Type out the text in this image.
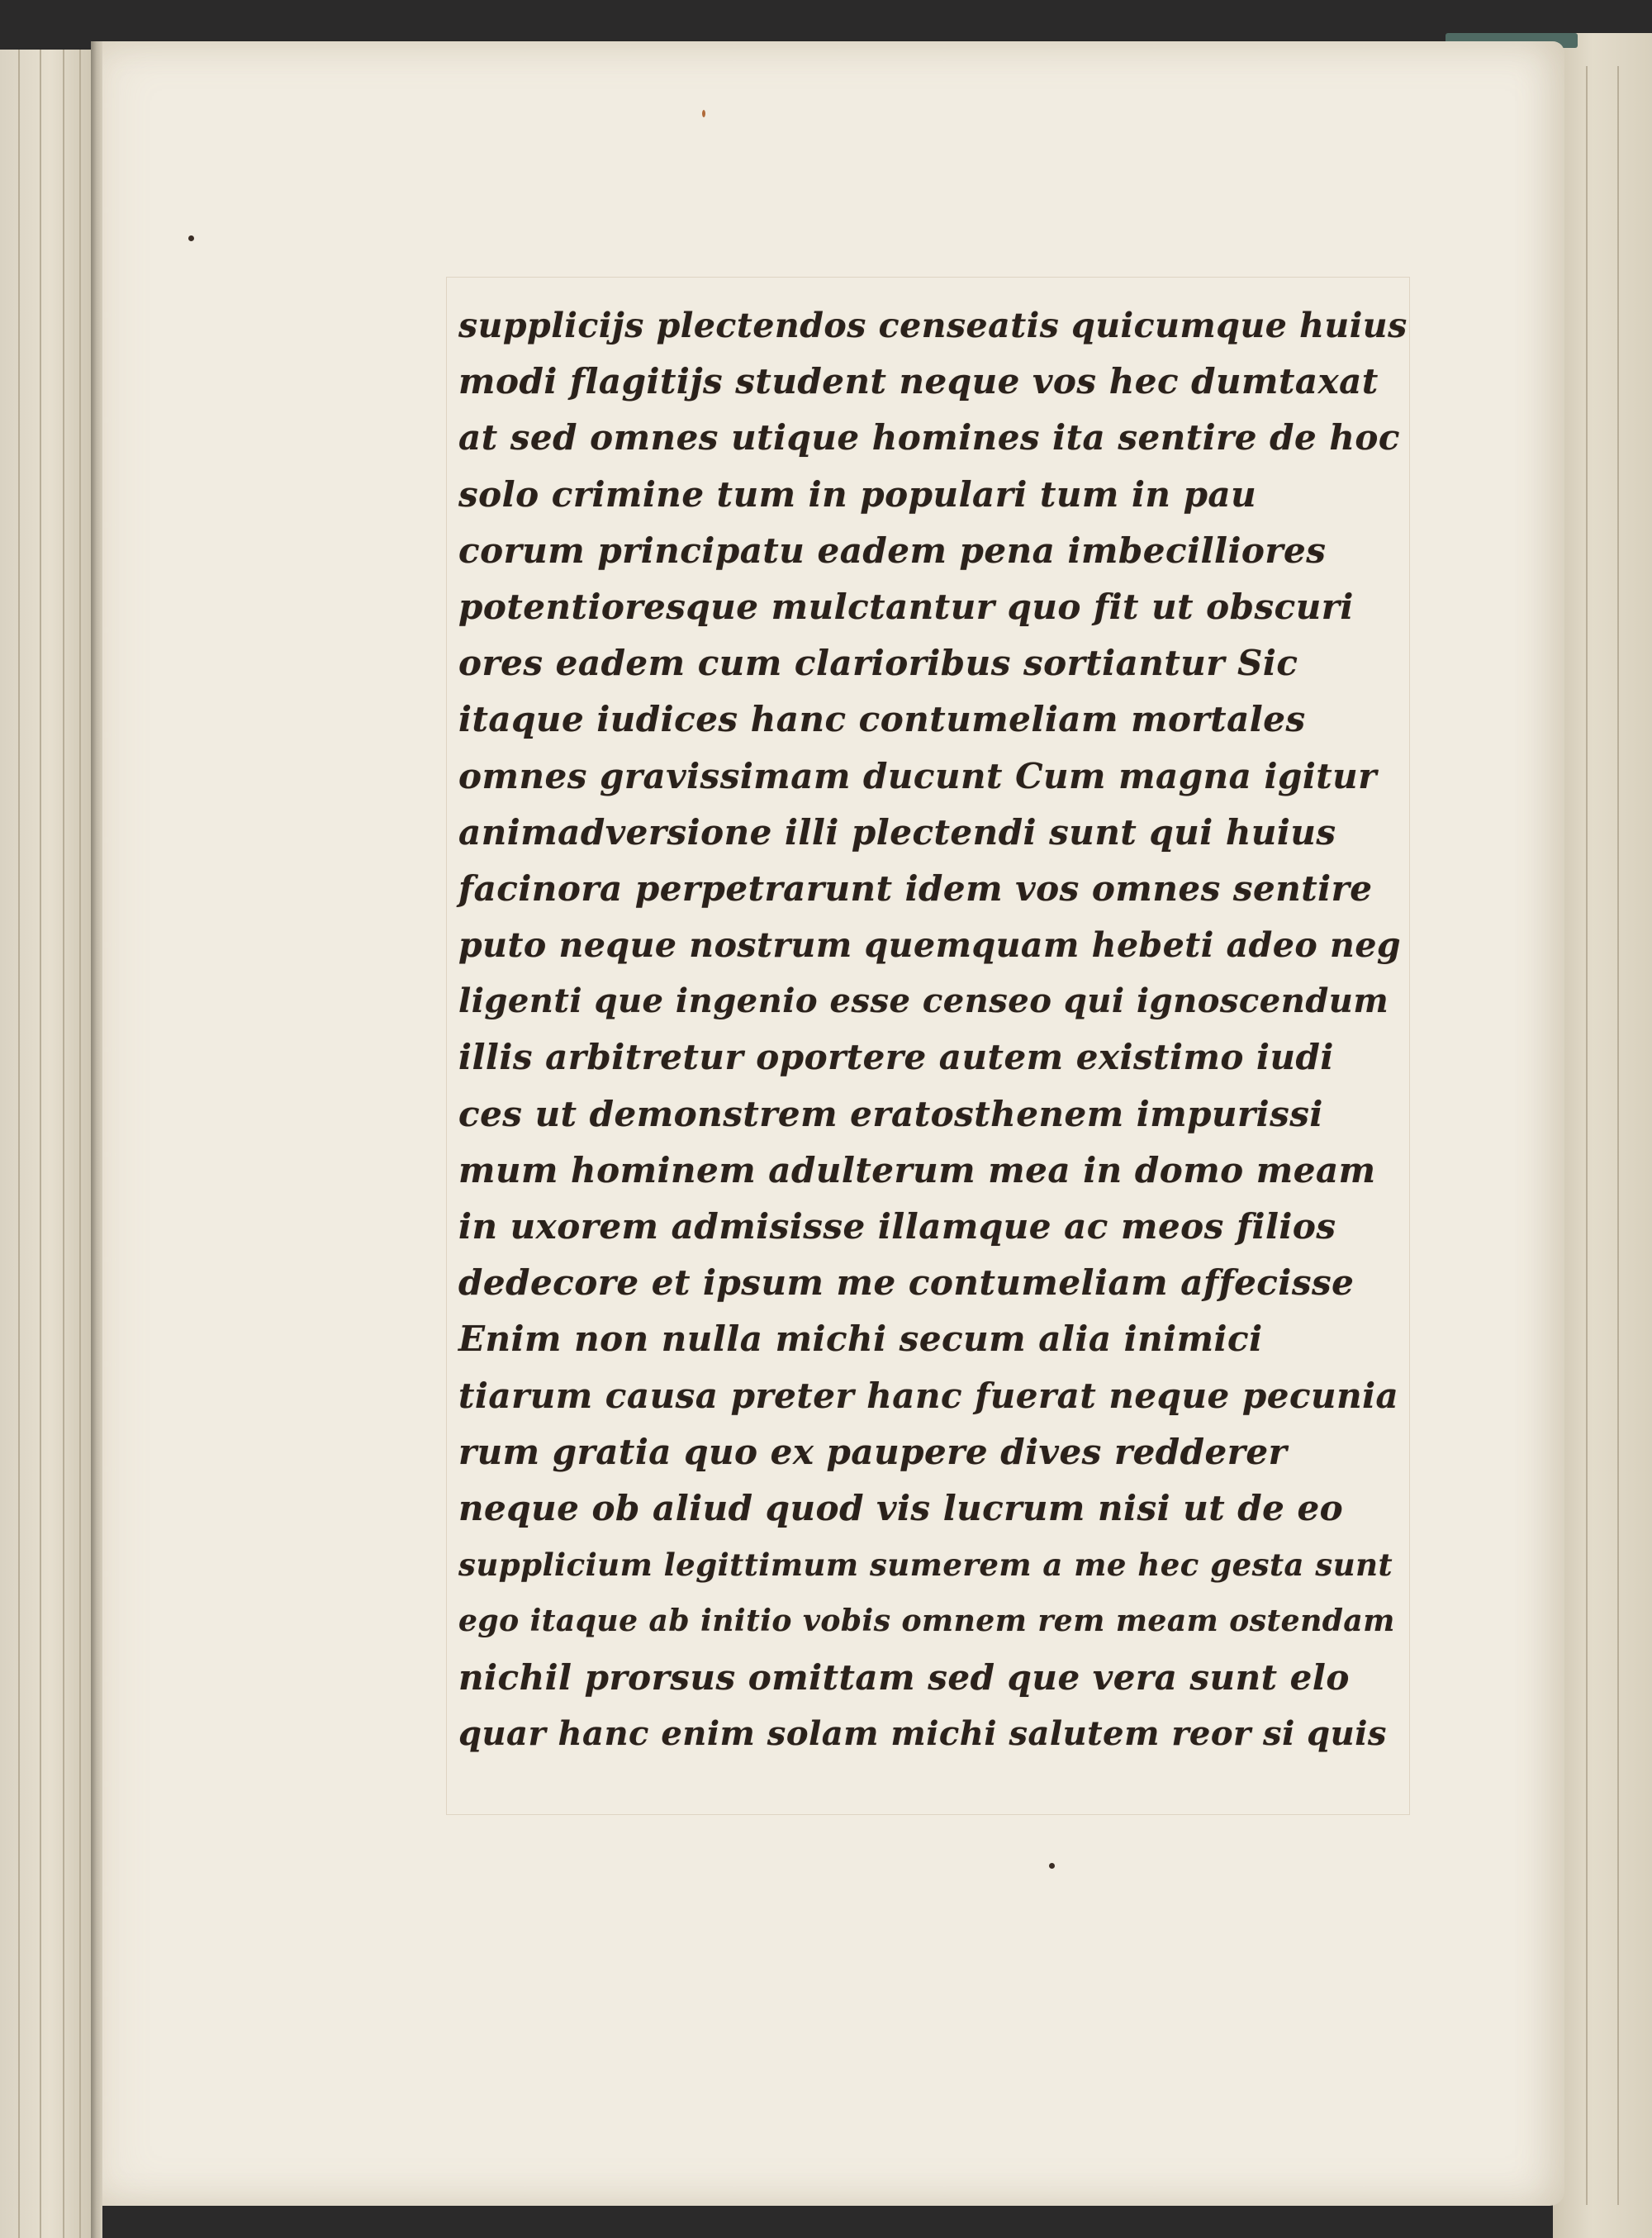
supplicijs plectendos censeatis quicumque huius
modi flagitijs student neque vos hec dumtaxat
at sed omnes utique homines ita sentire de hoc
solo crimine tum in populari tum in pau
corum principatu eadem pena imbecilliores
potentioresque mulctantur quo fit ut obscuri
ores eadem cum clarioribus sortiantur Sic
itaque iudices hanc contumeliam mortales
omnes gravissimam ducunt Cum magna igitur
animadversione illi plectendi sunt qui huius
facinora perpetrarunt idem vos omnes sentire
puto neque nostrum quemquam hebeti adeo neg
ligenti que ingenio esse censeo qui ignoscendum
illis arbitretur oportere autem existimo iudi
ces ut demonstrem eratosthenem impurissi
mum hominem adulterum mea in domo meam
in uxorem admisisse illamque ac meos filios
dedecore et ipsum me contumeliam affecisse
Enim non nulla michi secum alia inimici
tiarum causa preter hanc fuerat neque pecunia
rum gratia quo ex paupere dives redderer
neque ob aliud quod vis lucrum nisi ut de eo
supplicium legittimum sumerem a me hec gesta sunt
ego itaque ab initio vobis omnem rem meam ostendam
nichil prorsus omittam sed que vera sunt elo
quar hanc enim solam michi salutem reor si quis
